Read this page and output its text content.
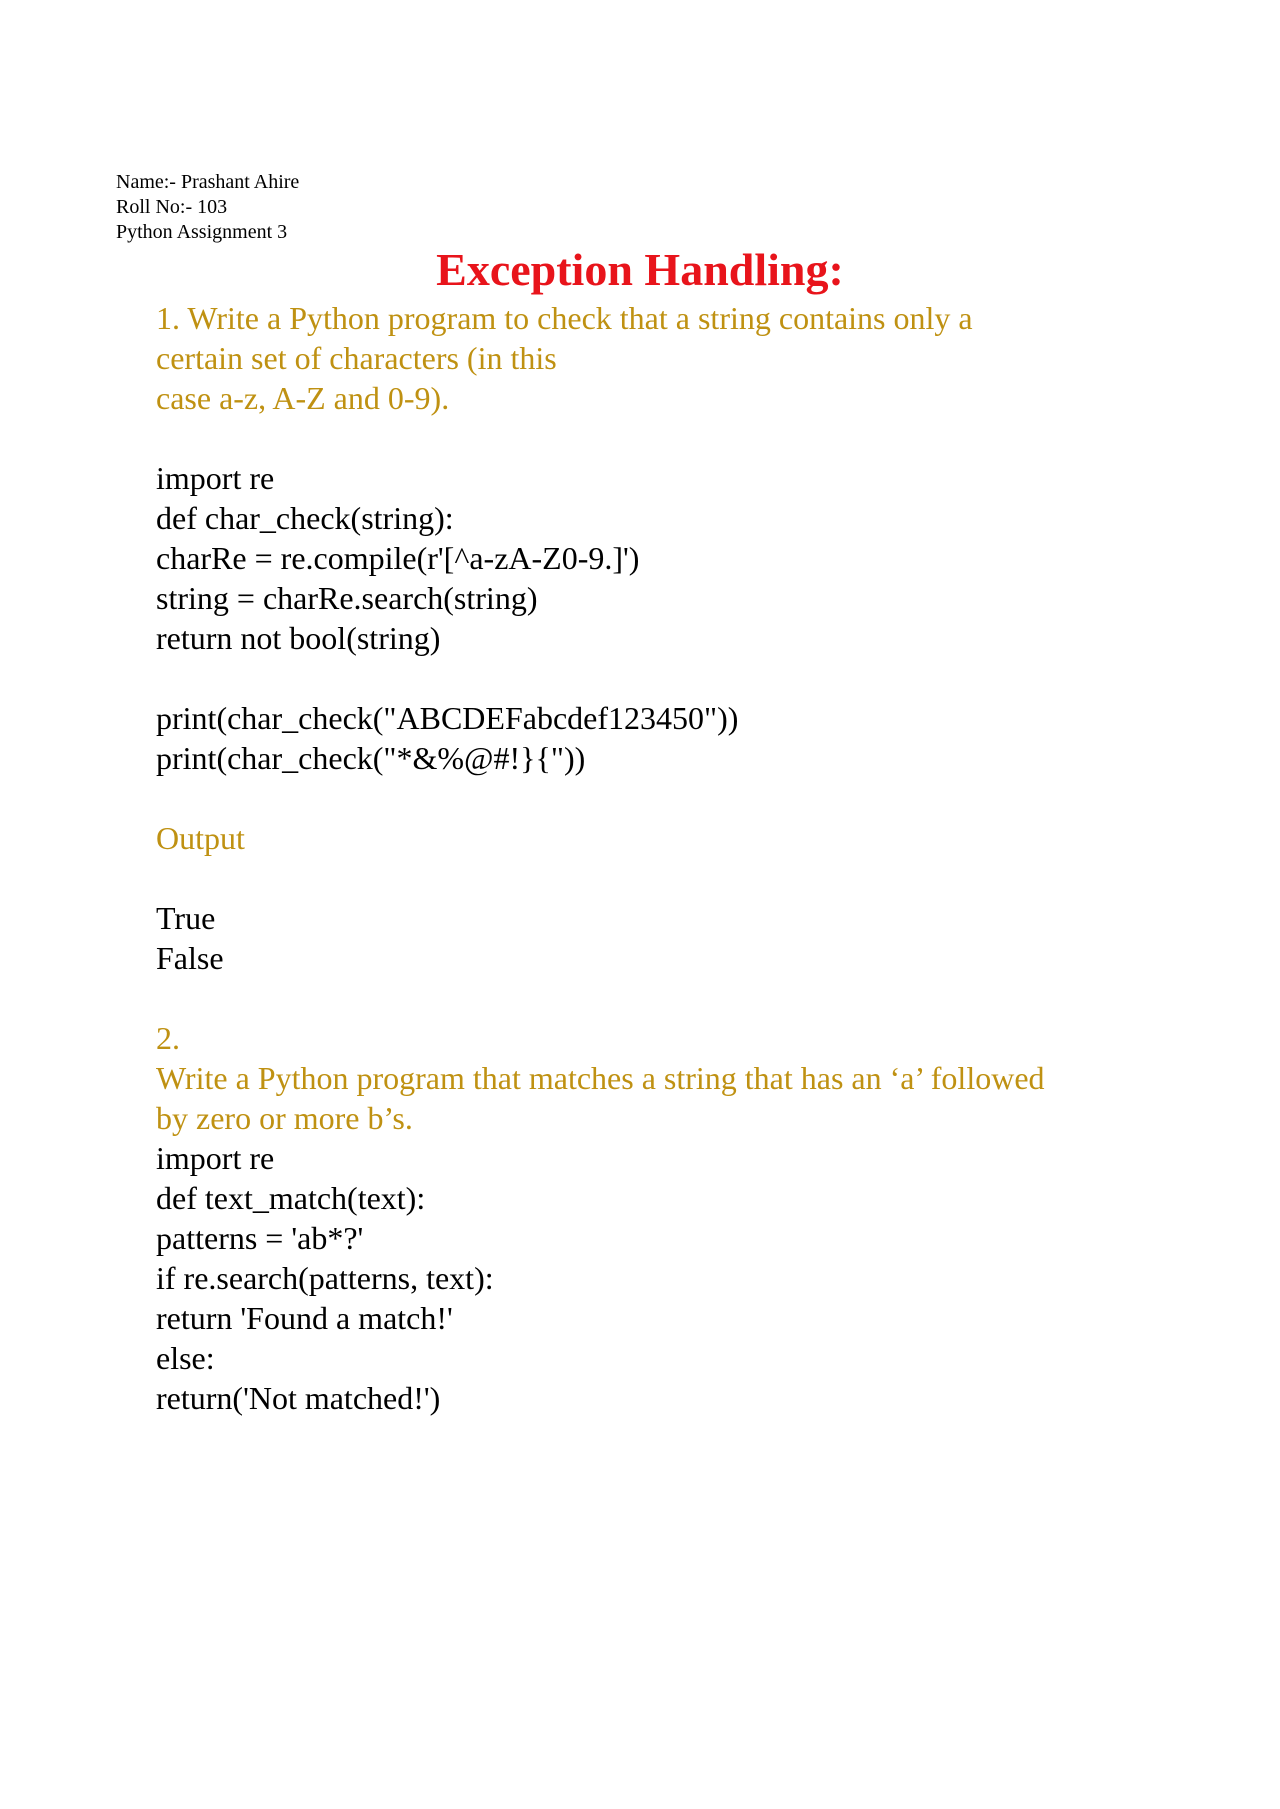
Name:- Prashant Ahire
Roll No:- 103
Python Assignment 3
Exception Handling:
1. Write a Python program to check that a string contains only a
certain set of characters (in this
case a-z, A-Z and 0-9).
import re
def char_check(string):
charRe = re.compile(r'[^a-zA-Z0-9.]')
string = charRe.search(string)
return not bool(string)
print(char_check("ABCDEFabcdef123450"))
print(char_check("*&%@#!}{"))
Output
True
False
2.
Write a Python program that matches a string that has an ‘a’ followed
by zero or more b’s.
import re
def text_match(text):
patterns = 'ab*?'
if re.search(patterns, text):
return 'Found a match!'
else:
return('Not matched!')
